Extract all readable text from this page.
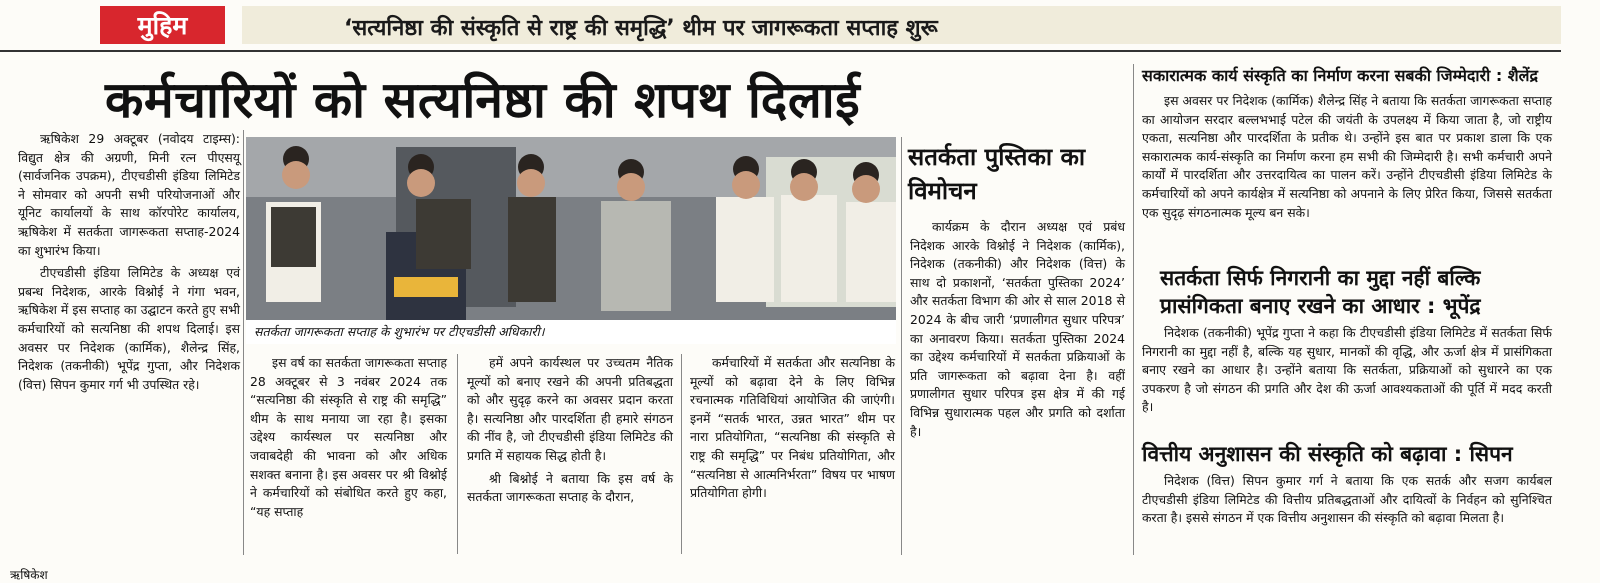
मुहिम	‘सत्यनिष्ठा की संस्कृति से राष्ट्र की समृद्धि’ थीम पर जागरूकता सप्ताह शुरू
कर्मचारियों को सत्यनिष्ठा की शपथ दिलाई

ऋषिकेश 29 अक्टूबर (नवोदय टाइम्स): विद्युत क्षेत्र की अग्रणी, मिनी रत्न पीएसयू (सार्वजनिक उपक्रम), टीएचडीसी इंडिया लिमिटेड ने सोमवार को अपनी सभी परियोजनाओं और यूनिट कार्यालयों के साथ कॉरपोरेट कार्यालय, ऋषिकेश में सतर्कता जागरूकता सप्ताह-2024 का शुभारंभ किया।

टीएचडीसी इंडिया लिमिटेड के अध्यक्ष एवं प्रबन्ध निदेशक, आरके विश्नोई ने गंगा भवन, ऋषिकेश में इस सप्ताह का उद्घाटन करते हुए सभी कर्मचारियों को सत्यनिष्ठा की शपथ दिलाई। इस अवसर पर निदेशक (कार्मिक), शैलेन्द्र सिंह, निदेशक (तकनीकी) भूपेंद्र गुप्ता, और निदेशक (वित्त) सिपन कुमार गर्ग भी उपस्थित रहे।

सतर्कता जागरूकता सप्ताह के शुभारंभ पर टीएचडीसी अधिकारी।

इस वर्ष का सतर्कता जागरूकता सप्ताह 28 अक्टूबर से 3 नवंबर 2024 तक “सत्यनिष्ठा की संस्कृति से राष्ट्र की समृद्धि” थीम के साथ मनाया जा रहा है। इसका उद्देश्य कार्यस्थल पर सत्यनिष्ठा और जवाबदेही की भावना को और अधिक सशक्त बनाना है। इस अवसर पर श्री विश्नोई ने कर्मचारियों को संबोधित करते हुए कहा, “यह सप्ताह

हमें अपने कार्यस्थल पर उच्चतम नैतिक मूल्यों को बनाए रखने की अपनी प्रतिबद्धता को और सुदृढ़ करने का अवसर प्रदान करता है। सत्यनिष्ठा और पारदर्शिता ही हमारे संगठन की नींव है, जो टीएचडीसी इंडिया लिमिटेड की प्रगति में सहायक सिद्ध होती है।

श्री बिश्नोई ने बताया कि इस वर्ष के सतर्कता जागरूकता सप्ताह के दौरान,

कर्मचारियों में सतर्कता और सत्यनिष्ठा के मूल्यों को बढ़ावा देने के लिए विभिन्न रचनात्मक गतिविधियां आयोजित की जाएंगी। इनमें “सतर्क भारत, उन्नत भारत” थीम पर नारा प्रतियोगिता, “सत्यनिष्ठा की संस्कृति से राष्ट्र की समृद्धि” पर निबंध प्रतियोगिता, और “सत्यनिष्ठा से आत्मनिर्भरता” विषय पर भाषण प्रतियोगिता होगी।

सतर्कता पुस्तिका का विमोचन

कार्यक्रम के दौरान अध्यक्ष एवं प्रबंध निदेशक आरके विश्नोई ने निदेशक (कार्मिक), निदेशक (तकनीकी) और निदेशक (वित्त) के साथ दो प्रकाशनों, ‘सतर्कता पुस्तिका 2024’ और सतर्कता विभाग की ओर से साल 2018 से 2024 के बीच जारी ‘प्रणालीगत सुधार परिपत्र’ का अनावरण किया। सतर्कता पुस्तिका 2024 का उद्देश्य कर्मचारियों में सतर्कता प्रक्रियाओं के प्रति जागरूकता को बढ़ावा देना है। वहीं प्रणालीगत सुधार परिपत्र इस क्षेत्र में की गई विभिन्न सुधारात्मक पहल और प्रगति को दर्शाता है।

सकारात्मक कार्य संस्कृति का निर्माण करना सबकी जिम्मेदारी : शैलेंद्र

इस अवसर पर निदेशक (कार्मिक) शैलेन्द्र सिंह ने बताया कि सतर्कता जागरूकता सप्ताह का आयोजन सरदार बल्लभभाई पटेल की जयंती के उपलक्ष्य में किया जाता है, जो राष्ट्रीय एकता, सत्यनिष्ठा और पारदर्शिता के प्रतीक थे। उन्होंने इस बात पर प्रकाश डाला कि एक सकारात्मक कार्य-संस्कृति का निर्माण करना हम सभी की जिम्मेदारी है। सभी कर्मचारी अपने कार्यों में पारदर्शिता और उत्तरदायित्व का पालन करें। उन्होंने टीएचडीसी इंडिया लिमिटेड के कर्मचारियों को अपने कार्यक्षेत्र में सत्यनिष्ठा को अपनाने के लिए प्रेरित किया, जिससे सतर्कता एक सुदृढ़ संगठनात्मक मूल्य बन सके।

सतर्कता सिर्फ निगरानी का मुद्दा नहीं बल्कि
प्रासंगिकता बनाए रखने का आधार : भूपेंद्र

निदेशक (तकनीकी) भूपेंद्र गुप्ता ने कहा कि टीएचडीसी इंडिया लिमिटेड में सतर्कता सिर्फ निगरानी का मुद्दा नहीं है, बल्कि यह सुधार, मानकों की वृद्धि, और ऊर्जा क्षेत्र में प्रासंगिकता बनाए रखने का आधार है। उन्होंने बताया कि सतर्कता, प्रक्रियाओं को सुधारने का एक उपकरण है जो संगठन की प्रगति और देश की ऊर्जा आवश्यकताओं की पूर्ति में मदद करती है।

वित्तीय अनुशासन की संस्कृति को बढ़ावा : सिपन

निदेशक (वित्त) सिपन कुमार गर्ग ने बताया कि एक सतर्क और सजग कार्यबल टीएचडीसी इंडिया लिमिटेड की वित्तीय प्रतिबद्धताओं और दायित्वों के निर्वहन को सुनिश्चित करता है। इससे संगठन में एक वित्तीय अनुशासन की संस्कृति को बढ़ावा मिलता है।

ऋषिकेश
